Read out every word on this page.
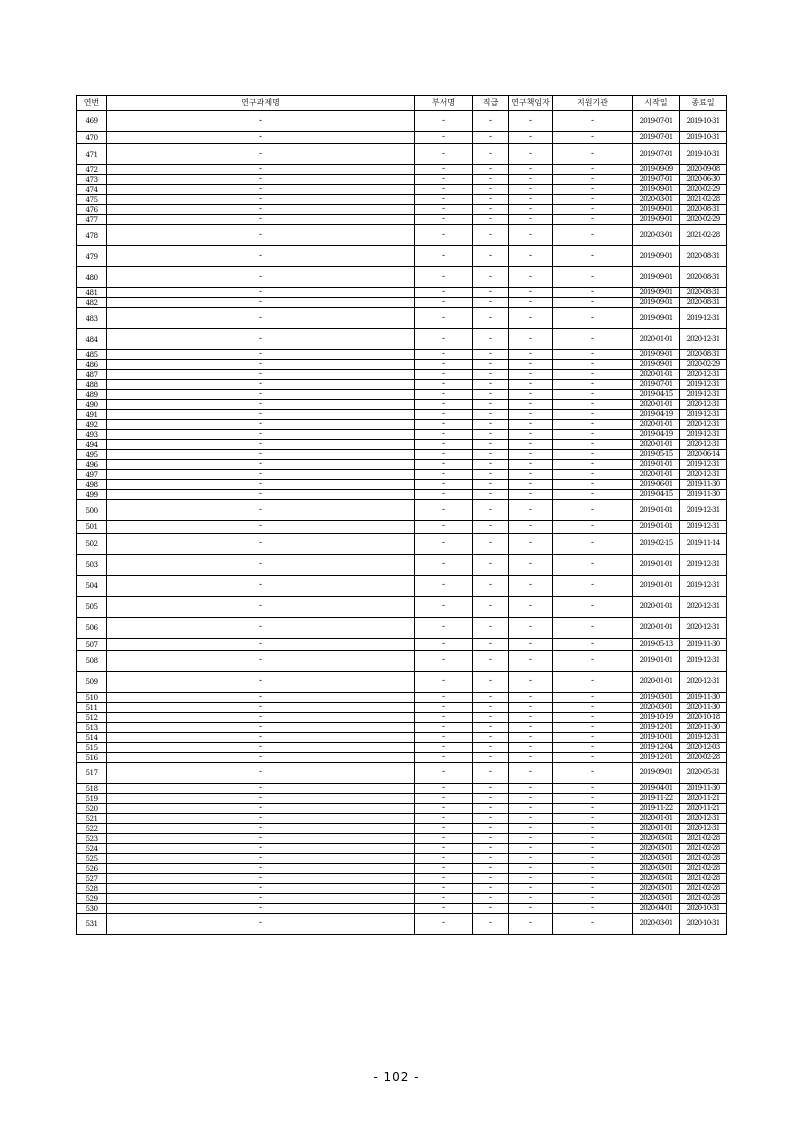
연번	연구과제명	부서명	직급	연구책임자	지원기관	시작일	종료일
469	-	-	-	-	-	2019-07-01	2019-10-31
470	-	-	-	-	-	2019-07-01	2019-10-31
471	-	-	-	-	-	2019-07-01	2019-10-31
472	-	-	-	-	-	2019-09-09	2020-09-08
473	-	-	-	-	-	2019-07-01	2020-06-30
474	-	-	-	-	-	2019-09-01	2020-02-29
475	-	-	-	-	-	2020-03-01	2021-02-28
476	-	-	-	-	-	2019-09-01	2020-08-31
477	-	-	-	-	-	2019-09-01	2020-02-29
478	-	-	-	-	-	2020-03-01	2021-02-28
479	-	-	-	-	-	2019-09-01	2020-08-31
480	-	-	-	-	-	2019-09-01	2020-08-31
481	-	-	-	-	-	2019-09-01	2020-08-31
482	-	-	-	-	-	2019-09-01	2020-08-31
483	-	-	-	-	-	2019-09-01	2019-12-31
484	-	-	-	-	-	2020-01-01	2020-12-31
485	-	-	-	-	-	2019-09-01	2020-08-31
486	-	-	-	-	-	2019-09-01	2020-02-29
487	-	-	-	-	-	2020-01-01	2020-12-31
488	-	-	-	-	-	2019-07-01	2019-12-31
489	-	-	-	-	-	2019-04-15	2019-12-31
490	-	-	-	-	-	2020-01-01	2020-12-31
491	-	-	-	-	-	2019-04-19	2019-12-31
492	-	-	-	-	-	2020-01-01	2020-12-31
493	-	-	-	-	-	2019-04-19	2019-12-31
494	-	-	-	-	-	2020-01-01	2020-12-31
495	-	-	-	-	-	2019-05-15	2020-06-14
496	-	-	-	-	-	2019-01-01	2019-12-31
497	-	-	-	-	-	2020-01-01	2020-12-31
498	-	-	-	-	-	2019-06-01	2019-11-30
499	-	-	-	-	-	2019-04-15	2019-11-30
500	-	-	-	-	-	2019-01-01	2019-12-31
501	-	-	-	-	-	2019-01-01	2019-12-31
502	-	-	-	-	-	2019-02-15	2019-11-14
503	-	-	-	-	-	2019-01-01	2019-12-31
504	-	-	-	-	-	2019-01-01	2019-12-31
505	-	-	-	-	-	2020-01-01	2020-12-31
506	-	-	-	-	-	2020-01-01	2020-12-31
507	-	-	-	-	-	2019-05-13	2019-11-30
508	-	-	-	-	-	2019-01-01	2019-12-31
509	-	-	-	-	-	2020-01-01	2020-12-31
510	-	-	-	-	-	2019-03-01	2019-11-30
511	-	-	-	-	-	2020-03-01	2020-11-30
512	-	-	-	-	-	2019-10-19	2020-10-18
513	-	-	-	-	-	2019-12-01	2020-11-30
514	-	-	-	-	-	2019-10-01	2019-12-31
515	-	-	-	-	-	2019-12-04	2020-12-03
516	-	-	-	-	-	2019-12-01	2020-02-28
517	-	-	-	-	-	2019-09-01	2020-05-31
518	-	-	-	-	-	2019-04-01	2019-11-30
519	-	-	-	-	-	2019-11-22	2020-11-21
520	-	-	-	-	-	2019-11-22	2020-11-21
521	-	-	-	-	-	2020-01-01	2020-12-31
522	-	-	-	-	-	2020-01-01	2020-12-31
523	-	-	-	-	-	2020-03-01	2021-02-28
524	-	-	-	-	-	2020-03-01	2021-02-28
525	-	-	-	-	-	2020-03-01	2021-02-28
526	-	-	-	-	-	2020-03-01	2021-02-28
527	-	-	-	-	-	2020-03-01	2021-02-28
528	-	-	-	-	-	2020-03-01	2021-02-28
529	-	-	-	-	-	2020-03-01	2021-02-28
530	-	-	-	-	-	2020-04-01	2020-10-31
531	-	-	-	-	-	2020-03-01	2020-10-31
- 102 -
